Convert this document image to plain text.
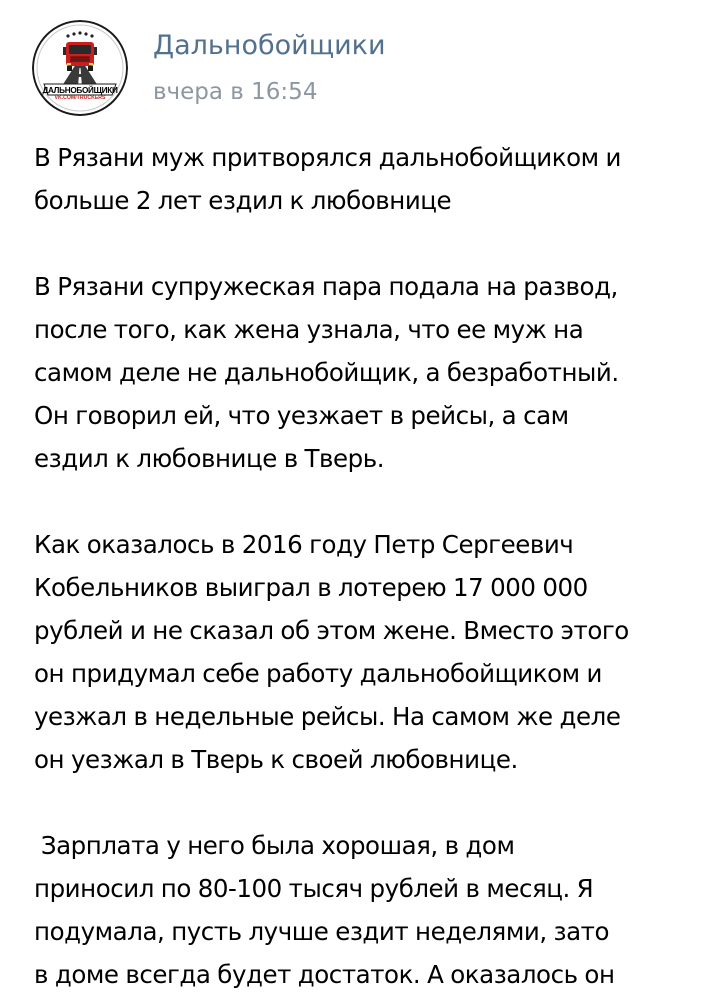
ДАЛЬНОБОЙЩИКИ
VK.COM/TRUCKERS
Дальнобойщики
вчера в 16:54

В Рязани муж притворялся дальнобойщиком и
больше 2 лет ездил к любовнице

В Рязани супружеская пара подала на развод,
после того, как жена узнала, что ее муж на
самом деле не дальнобойщик, а безработный.
Он говорил ей, что уезжает в рейсы, а сам
ездил к любовнице в Тверь.

Как оказалось в 2016 году Петр Сергеевич
Кобельников выиграл в лотерею 17 000 000
рублей и не сказал об этом жене. Вместо этого
он придумал себе работу дальнобойщиком и
уезжал в недельные рейсы. На самом же деле
он уезжал в Тверь к своей любовнице.

Зарплата у него была хорошая, в дом
приносил по 80-100 тысяч рублей в месяц. Я
подумала, пусть лучше ездит неделями, зато
в доме всегда будет достаток. А оказалось он
